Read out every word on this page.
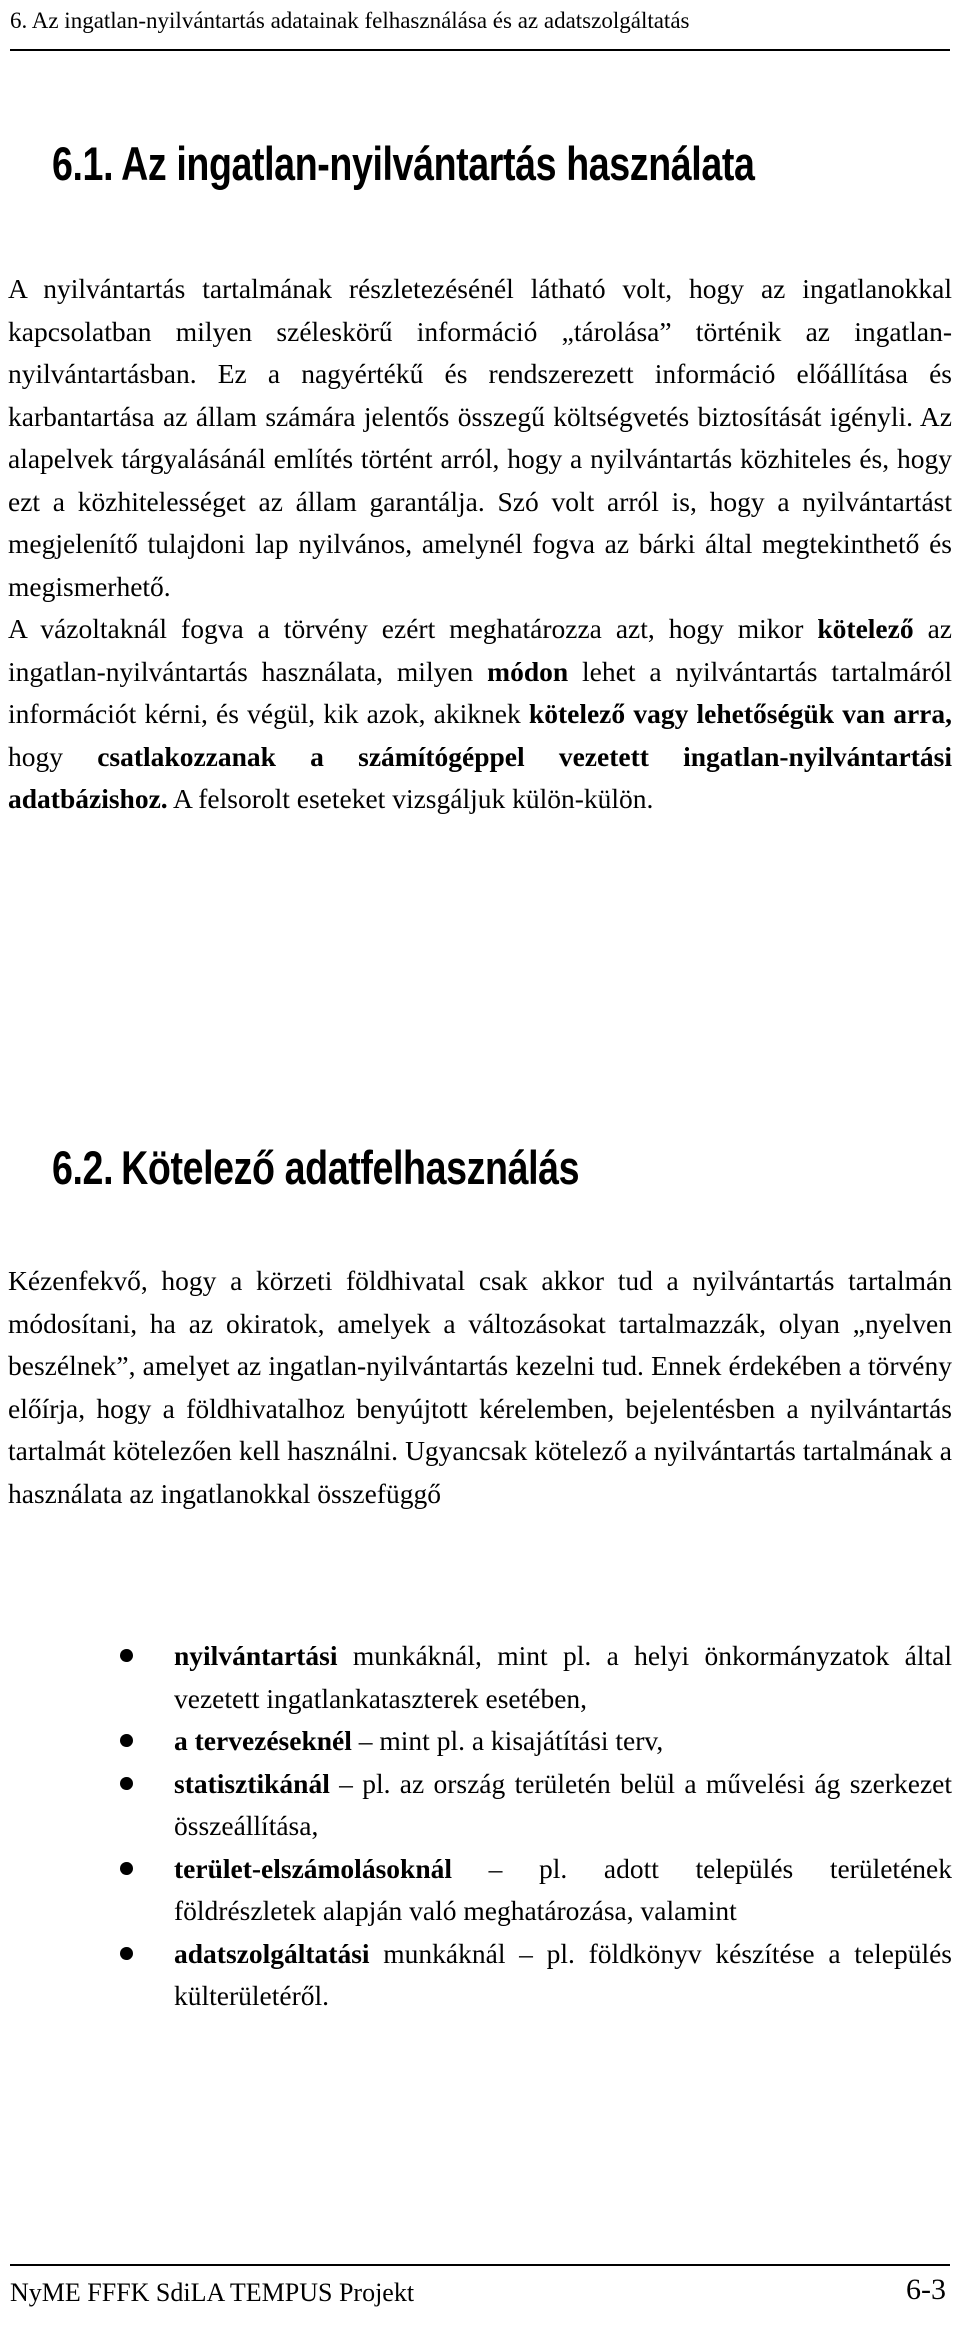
6. Az ingatlan-nyilvántartás adatainak felhasználása és az adatszolgáltatás
6.1. Az ingatlan-nyilvántartás használata
A nyilvántartás tartalmának részletezésénél látható volt, hogy az ingatlanokkal kapcsolatban milyen széleskörű információ „tárolása” történik az ingatlan-nyilvántartásban. Ez a nagyértékű és rendszerezett információ előállítása és karbantartása az állam számára jelentős összegű költségvetés biztosítását igényli. Az alapelvek tárgyalásánál említés történt arról, hogy a nyilvántartás közhiteles és, hogy ezt a közhitelességet az állam garantálja. Szó volt arról is, hogy a nyilvántartást megjelenítő tulajdoni lap nyilvános, amelynél fogva az bárki által megtekinthető és megismerhető.
A vázoltaknál fogva a törvény ezért meghatározza azt, hogy mikor kötelező az ingatlan-nyilvántartás használata, milyen módon lehet a nyilvántartás tartalmáról információt kérni, és végül, kik azok, akiknek kötelező vagy lehetőségük van arra, hogy csatlakozzanak a számítógéppel vezetett ingatlan-nyilvántartási adatbázishoz. A felsorolt eseteket vizsgáljuk külön-külön.
6.2. Kötelező adatfelhasználás

Kézenfekvő, hogy a körzeti földhivatal csak akkor tud a nyilvántartás tartalmán módosítani, ha az okiratok, amelyek a változásokat tartalmazzák, olyan „nyelven beszélnek”, amelyet az ingatlan-nyilvántartás kezelni tud. Ennek érdekében a törvény előírja, hogy a földhivatalhoz benyújtott kérelemben, bejelentésben a nyilvántartás tartalmát kötelezően kell használni. Ugyancsak kötelező a nyilvántartás tartalmának a használata az ingatlanokkal összefüggő

nyilvántartási munkáknál, mint pl. a helyi önkormányzatok által vezetett ingatlankataszterek esetében,
a tervezéseknél – mint pl. a kisajátítási terv,
statisztikánál – pl. az ország területén belül a művelési ág szerkezet összeállítása,
terület-elszámolásoknál – pl. adott település területének földrészletek alapján való meghatározása, valamint
adatszolgáltatási munkáknál – pl. földkönyv készítése a település külterületéről.
NyME FFFK SdiLA TEMPUS Projekt	6-3
